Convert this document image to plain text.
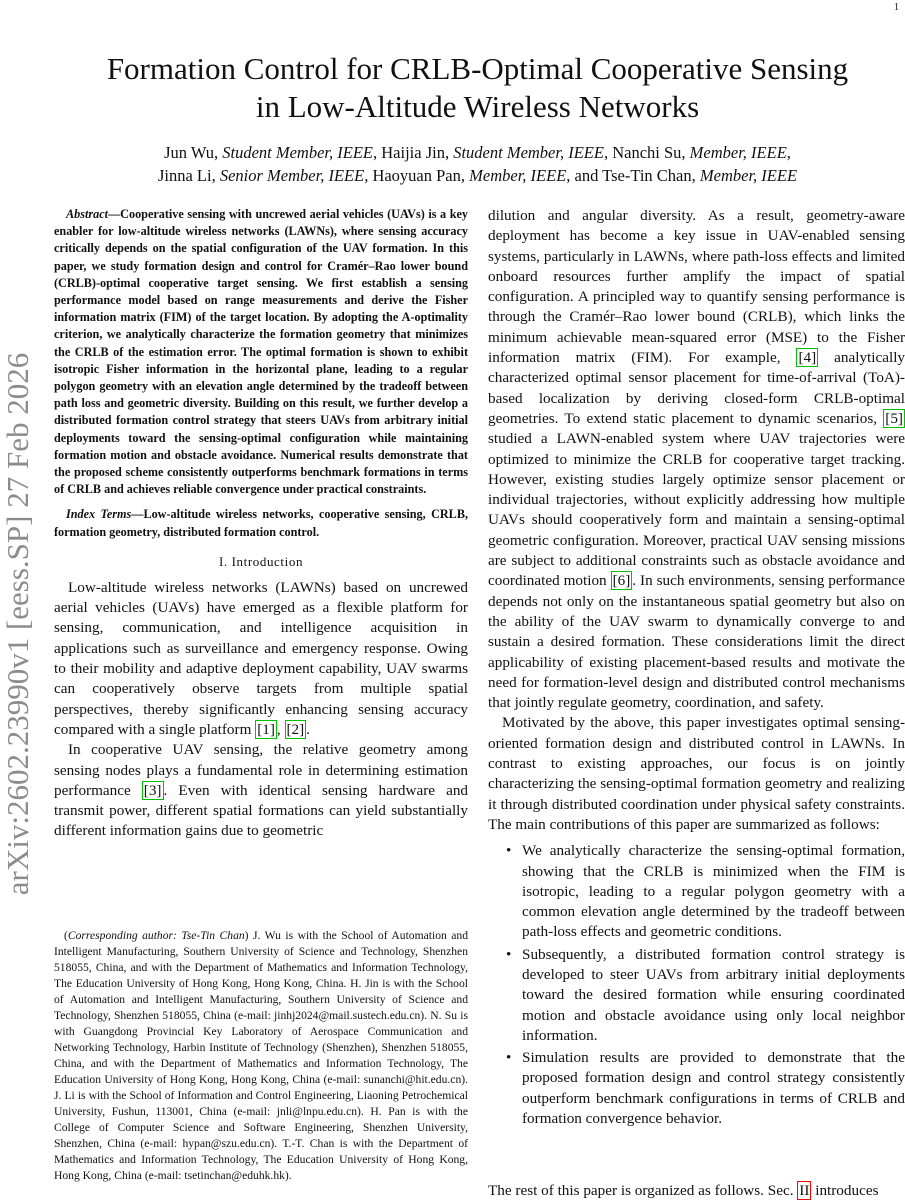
1
arXiv:2602.23990v1 [eess.SP] 27 Feb 2026
Formation Control for CRLB-Optimal Cooperative Sensing
in Low-Altitude Wireless Networks
Jun Wu, Student Member, IEEE, Haijia Jin, Student Member, IEEE, Nanchi Su, Member, IEEE,
Jinna Li, Senior Member, IEEE, Haoyuan Pan, Member, IEEE, and Tse-Tin Chan, Member, IEEE

Abstract—Cooperative sensing with uncrewed aerial vehicles (UAVs) is a key enabler for low-altitude wireless networks (LAWNs), where sensing accuracy critically depends on the spatial configuration of the UAV formation. In this paper, we study formation design and control for Cramér–Rao lower bound (CRLB)-optimal cooperative target sensing. We first establish a sensing performance model based on range measurements and derive the Fisher information matrix (FIM) of the target location. By adopting the A-optimality criterion, we analytically characterize the formation geometry that minimizes the CRLB of the estimation error. The optimal formation is shown to exhibit isotropic Fisher information in the horizontal plane, leading to a regular polygon geometry with an elevation angle determined by the tradeoff between path loss and geometric diversity. Building on this result, we further develop a distributed formation control strategy that steers UAVs from arbitrary initial deployments toward the sensing-optimal configuration while maintaining formation motion and obstacle avoidance. Numerical results demonstrate that the proposed scheme consistently outperforms benchmark formations in terms of CRLB and achieves reliable convergence under practical constraints.

Index Terms—Low-altitude wireless networks, cooperative sensing, CRLB, formation geometry, distributed formation control.

I. Introduction

Low-altitude wireless networks (LAWNs) based on uncrewed aerial vehicles (UAVs) have emerged as a flexible platform for sensing, communication, and intelligence acquisition in applications such as surveillance and emergency response. Owing to their mobility and adaptive deployment capability, UAV swarms can cooperatively observe targets from multiple spatial perspectives, thereby significantly enhancing sensing accuracy compared with a single platform [1] , [2] .

In cooperative UAV sensing, the relative geometry among sensing nodes plays a fundamental role in determining estimation performance [3] . Even with identical sensing hardware and transmit power, different spatial formations can yield substantially different information gains due to geometric

(Corresponding author: Tse-Tin Chan) J. Wu is with the School of Automation and Intelligent Manufacturing, Southern University of Science and Technology, Shenzhen 518055, China, and with the Department of Mathematics and Information Technology, The Education University of Hong Kong, Hong Kong, China. H. Jin is with the School of Automation and Intelligent Manufacturing, Southern University of Science and Technology, Shenzhen 518055, China (e-mail: jinhj2024@mail.sustech.edu.cn). N. Su is with Guangdong Provincial Key Laboratory of Aerospace Communication and Networking Technology, Harbin Institute of Technology (Shenzhen), Shenzhen 518055, China, and with the Department of Mathematics and Information Technology, The Education University of Hong Kong, Hong Kong, China (e-mail: sunanchi@hit.edu.cn). J. Li is with the School of Information and Control Engineering, Liaoning Petrochemical University, Fushun, 113001, China (e-mail: jnli@lnpu.edu.cn). H. Pan is with the College of Computer Science and Software Engineering, Shenzhen University, Shenzhen, China (e-mail: hypan@szu.edu.cn). T.-T. Chan is with the Department of Mathematics and Information Technology, The Education University of Hong Kong, Hong Kong, China (e-mail: tsetinchan@eduhk.hk).

dilution and angular diversity. As a result, geometry-aware deployment has become a key issue in UAV-enabled sensing systems, particularly in LAWNs, where path-loss effects and limited onboard resources further amplify the impact of spatial configuration. A principled way to quantify sensing performance is through the Cramér–Rao lower bound (CRLB), which links the minimum achievable mean-squared error (MSE) to the Fisher information matrix (FIM). For example, [4] analytically characterized optimal sensor placement for time-of-arrival (ToA)-based localization by deriving closed-form CRLB-optimal geometries. To extend static placement to dynamic scenarios, [5] studied a LAWN-enabled system where UAV trajectories were optimized to minimize the CRLB for cooperative target tracking. However, existing studies largely optimize sensor placement or individual trajectories, without explicitly addressing how multiple UAVs should cooperatively form and maintain a sensing-optimal geometric configuration. Moreover, practical UAV sensing missions are subject to additional constraints such as obstacle avoidance and coordinated motion [6] . In such environments, sensing performance depends not only on the instantaneous spatial geometry but also on the ability of the UAV swarm to dynamically converge to and sustain a desired formation. These considerations limit the direct applicability of existing placement-based results and motivate the need for formation-level design and distributed control mechanisms that jointly regulate geometry, coordination, and safety.

Motivated by the above, this paper investigates optimal sensing-oriented formation design and distributed control in LAWNs. In contrast to existing approaches, our focus is on jointly characterizing the sensing-optimal formation geometry and realizing it through distributed coordination under physical safety constraints. The main contributions of this paper are summarized as follows:

• We analytically characterize the sensing-optimal formation, showing that the CRLB is minimized when the FIM is isotropic, leading to a regular polygon geometry with a common elevation angle determined by the tradeoff between path-loss effects and geometric conditions.
• Subsequently, a distributed formation control strategy is developed to steer UAVs from arbitrary initial deployments toward the desired formation while ensuring coordinated motion and obstacle avoidance using only local neighbor information.
• Simulation results are provided to demonstrate that the proposed formation design and control strategy consistently outperform benchmark configurations in terms of CRLB and formation convergence behavior.
The rest of this paper is organized as follows. Sec. II introduces
